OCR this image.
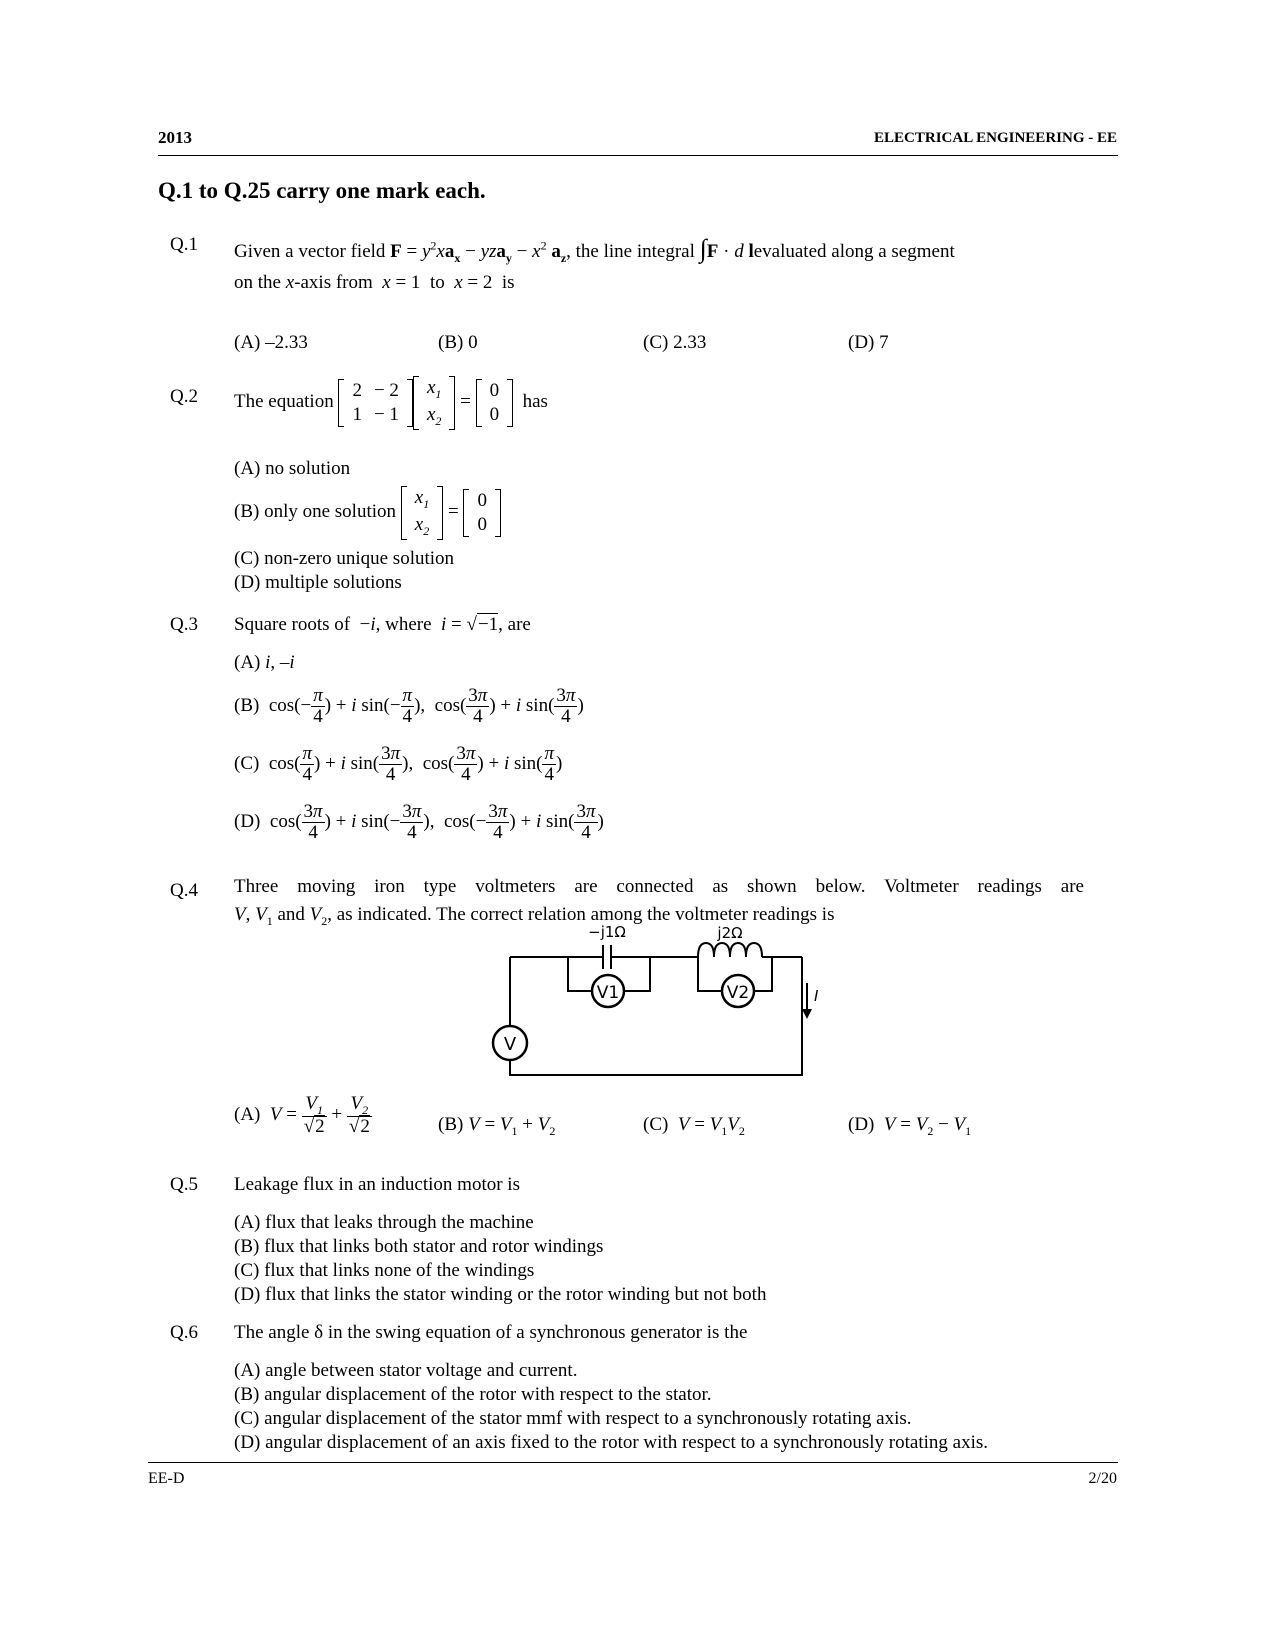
2013	ELECTRICAL ENGINEERING - EE
Q.1 to Q.25 carry one mark each.
Q.1 Given a vector field $F = y^2xa_x - yza_y - x^2$ $a_z$, the line integral ∫F · d levaluated along a segment
on the x-axis from x = 1  to x = 2  is
(A) –2.33	(B) 0	(C) 2.33	(D) 7
Q.2 The equation
2	− 2
1	− 1
$x_1$
$x_2$
=
0
0
has
(A) no solution
(B) only one solution
$x_1$
$x_2$
=
0
0
(C) non-zero unique solution
(D) multiple solutions
Q.3 Square roots of  −i, where i = √−1, are
(A) i, –i
(B)  $\cos(- \frac{\pi}{4}$ ) + i $\sin(- \frac{\pi}{4}$ ),  $\cos( \frac{3\pi}{4}$ ) + i $\sin( \frac{3\pi}{4}$ )
(C)  $\cos( \frac{\pi}{4}$ ) + i $\sin( \frac{3\pi}{4}$ ),  $\cos( \frac{3\pi}{4}$ ) + i $\sin( \frac{\pi}{4}$ )
(D)  $\cos( \frac{3\pi}{4}$ ) + i $\sin(- \frac{3\pi}{4}$ ),  $\cos(- \frac{3\pi}{4}$ ) + i $\sin( \frac{3\pi}{4}$ )
Q.4 Three moving iron type voltmeters are connected as shown below. Voltmeter readings are
V, $V_1$ and $V_2$, as indicated. The correct relation among the voltmeter readings is
V
V1	V2
−j1Ω	j2Ω
I
(A) $V = \frac{V_1}{√2} + \frac{V_2}{√2}$	(B) $V = V_1 + V_2$	(C) $V = V_1V_2$	(D) $V = V_2 - V_1$
Q.5 Leakage flux in an induction motor is
(A) flux that leaks through the machine
(B) flux that links both stator and rotor windings
(C) flux that links none of the windings
(D) flux that links the stator winding or the rotor winding but not both
Q.6 The angle δ in the swing equation of a synchronous generator is the
(A) angle between stator voltage and current.
(B) angular displacement of the rotor with respect to the stator.
(C) angular displacement of the stator mmf with respect to a synchronously rotating axis.
(D) angular displacement of an axis fixed to the rotor with respect to a synchronously rotating axis.
EE-D	2/20
